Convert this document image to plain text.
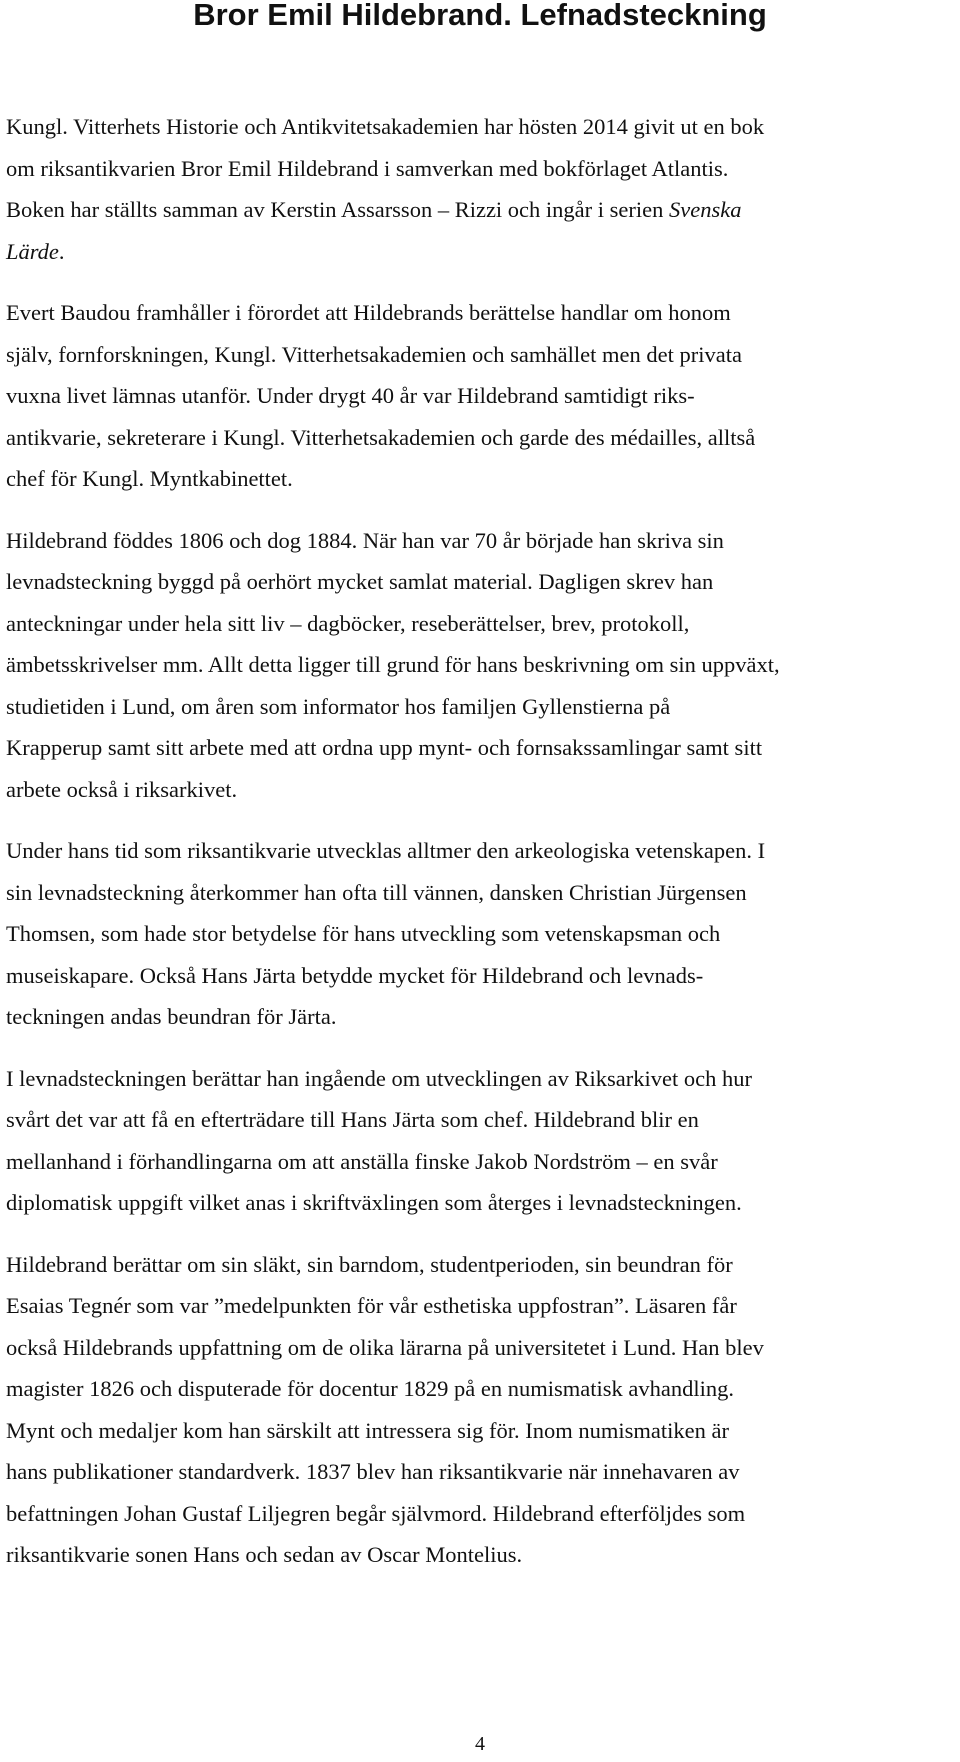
Bror Emil Hildebrand. Lefnadsteckning

Kungl. Vitterhets Historie och Antikvitetsakademien har hösten 2014 givit ut en bok
om riksantikvarien Bror Emil Hildebrand i samverkan med bokförlaget Atlantis.
Boken har ställts samman av Kerstin Assarsson – Rizzi och ingår i serien Svenska
Lärde.

Evert Baudou framhåller i förordet att Hildebrands berättelse handlar om honom
själv, fornforskningen, Kungl. Vitterhetsakademien och samhället men det privata
vuxna livet lämnas utanför. Under drygt 40 år var Hildebrand samtidigt riks-
antikvarie, sekreterare i Kungl. Vitterhetsakademien och garde des médailles, alltså
chef för Kungl. Myntkabinettet.

Hildebrand föddes 1806 och dog 1884. När han var 70 år började han skriva sin
levnadsteckning byggd på oerhört mycket samlat material. Dagligen skrev han
anteckningar under hela sitt liv – dagböcker, reseberättelser, brev, protokoll,
ämbetsskrivelser mm. Allt detta ligger till grund för hans beskrivning om sin uppväxt,
studietiden i Lund, om åren som informator hos familjen Gyllenstierna på
Krapperup samt sitt arbete med att ordna upp mynt- och fornsakssamlingar samt sitt
arbete också i riksarkivet.

Under hans tid som riksantikvarie utvecklas alltmer den arkeologiska vetenskapen. I
sin levnadsteckning återkommer han ofta till vännen, dansken Christian Jürgensen
Thomsen, som hade stor betydelse för hans utveckling som vetenskapsman och
museiskapare. Också Hans Järta betydde mycket för Hildebrand och levnads-
teckningen andas beundran för Järta.

I levnadsteckningen berättar han ingående om utvecklingen av Riksarkivet och hur
svårt det var att få en efterträdare till Hans Järta som chef. Hildebrand blir en
mellanhand i förhandlingarna om att anställa finske Jakob Nordström – en svår
diplomatisk uppgift vilket anas i skriftväxlingen som återges i levnadsteckningen.

Hildebrand berättar om sin släkt, sin barndom, studentperioden, sin beundran för
Esaias Tegnér som var ”medelpunkten för vår esthetiska uppfostran”. Läsaren får
också Hildebrands uppfattning om de olika lärarna på universitetet i Lund. Han blev
magister 1826 och disputerade för docentur 1829 på en numismatisk avhandling.
Mynt och medaljer kom han särskilt att intressera sig för. Inom numismatiken är
hans publikationer standardverk. 1837 blev han riksantikvarie när innehavaren av
befattningen Johan Gustaf Liljegren begår självmord. Hildebrand efterföljdes som
riksantikvarie sonen Hans och sedan av Oscar Montelius.

4
